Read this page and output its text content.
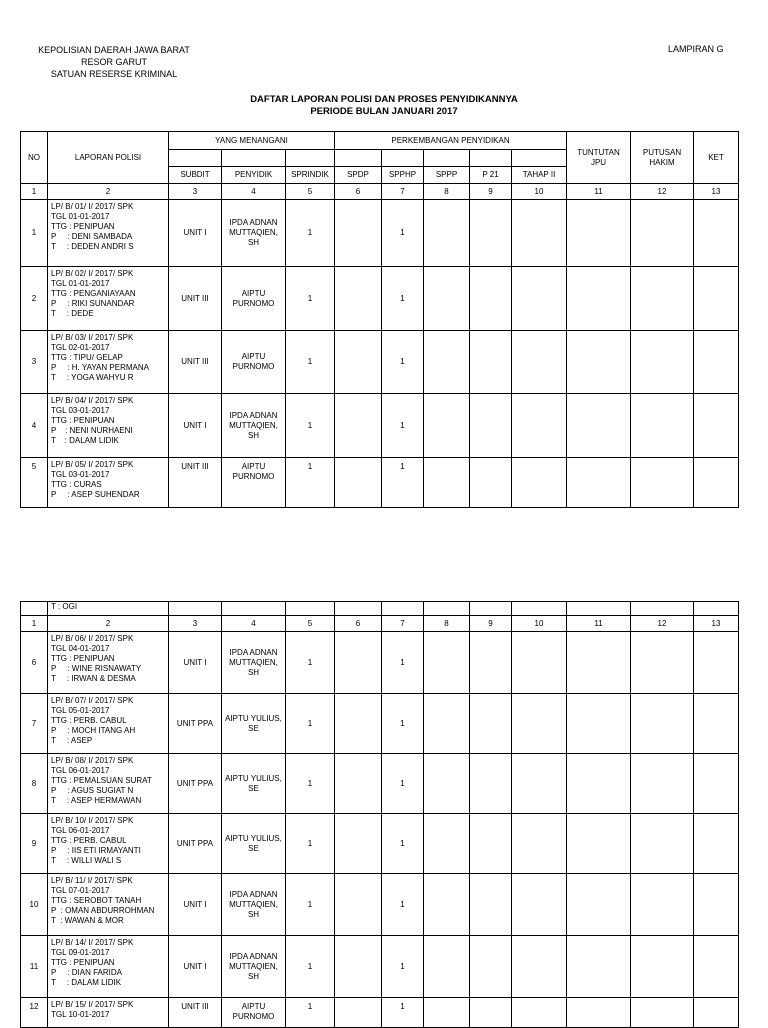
KEPOLISIAN DAERAH JAWA BARAT
RESOR GARUT
SATUAN RESERSE KRIMINAL
LAMPIRAN G
DAFTAR LAPORAN POLISI DAN PROSES PENYIDIKANNYA
PERIODE BULAN JANUARI 2017
NO	LAPORAN POLISI	YANG MENANGANI			PERKEMBANGAN PENYIDIKAN					TUNTUTAN JPU	PUTUSAN HAKIM	KET

		SUBDIT	PENYIDIK	SPRINDIK	SPDP	SPPHP	SPPP	P 21	TAHAP II			
1	2	3	4	5	6	7	8	9	10	11	12	13
1	LP/ B/ 01/ I/ 2017/ SPK
TGL 01-01-2017
TTG : PENIPUAN
P     : DENI SAMBADA
T     : DEDEN ANDRI S	UNIT I	IPDA ADNAN MUTTAQIEN, SH	1		1						
2	LP/ B/ 02/ I/ 2017/ SPK
TGL 01-01-2017
TTG : PENGANIAYAAN
P     : RIKI SUNANDAR
T     : DEDE	UNIT III	AIPTU PURNOMO	1		1						
3	LP/ B/ 03/ I/ 2017/ SPK
TGL 02-01-2017
TTG : TIPU/ GELAP
P     : H. YAYAN PERMANA
T     : YOGA WAHYU R	UNIT III	AIPTU PURNOMO	1		1						
4	LP/ B/ 04/ I/ 2017/ SPK
TGL 03-01-2017
TTG : PENIPUAN
P    : NENI NURHAENI
T    : DALAM LIDIK	UNIT I	IPDA ADNAN MUTTAQIEN, SH	1		1						
5	LP/ B/ 05/ I/ 2017/ SPK
TGL 03-01-2017
TTG : CURAS
P     : ASEP SUHENDAR	UNIT III	AIPTU PURNOMO	1		1						
	T : OGI											
1	2	3	4	5	6	7	8	9	10	11	12	13
6	LP/ B/ 06/ I/ 2017/ SPK
TGL 04-01-2017
TTG : PENIPUAN
P     : WINE RISNAWATY
T     : IRWAN & DESMA	UNIT I	IPDA ADNAN MUTTAQIEN, SH	1		1						
7	LP/ B/ 07/ I/ 2017/ SPK
TGL 05-01-2017
TTG : PERB. CABUL
P     : MOCH ITANG AH
T     : ASEP	UNIT PPA	AIPTU YULIUS, SE	1		1						
8	LP/ B/ 08/ I/ 2017/ SPK
TGL 06-01-2017
TTG : PEMALSUAN SURAT
P     : AGUS SUGIAT N
T     : ASEP HERMAWAN	UNIT PPA	AIPTU YULIUS, SE	1		1						
9	LP/ B/ 10/ I/ 2017/ SPK
TGL 06-01-2017
TTG : PERB. CABUL
P     : IIS ETI IRMAYANTI
T     : WILLI WALI S	UNIT PPA	AIPTU YULIUS, SE	1		1						
10	LP/ B/ 11/ I/ 2017/ SPK
TGL 07-01-2017
TTG : SEROBOT TANAH
P  : OMAN ABDURROHMAN
T  : WAWAN & MOR	UNIT I	IPDA ADNAN MUTTAQIEN, SH	1		1						
11	LP/ B/ 14/ I/ 2017/ SPK
TGL 09-01-2017
TTG : PENIPUAN
P     : DIAN FARIDA
T     : DALAM LIDIK	UNIT I	IPDA ADNAN MUTTAQIEN, SH	1		1						
12	LP/ B/ 15/ I/ 2017/ SPK
TGL 10-01-2017	UNIT III	AIPTU PURNOMO	1		1						
